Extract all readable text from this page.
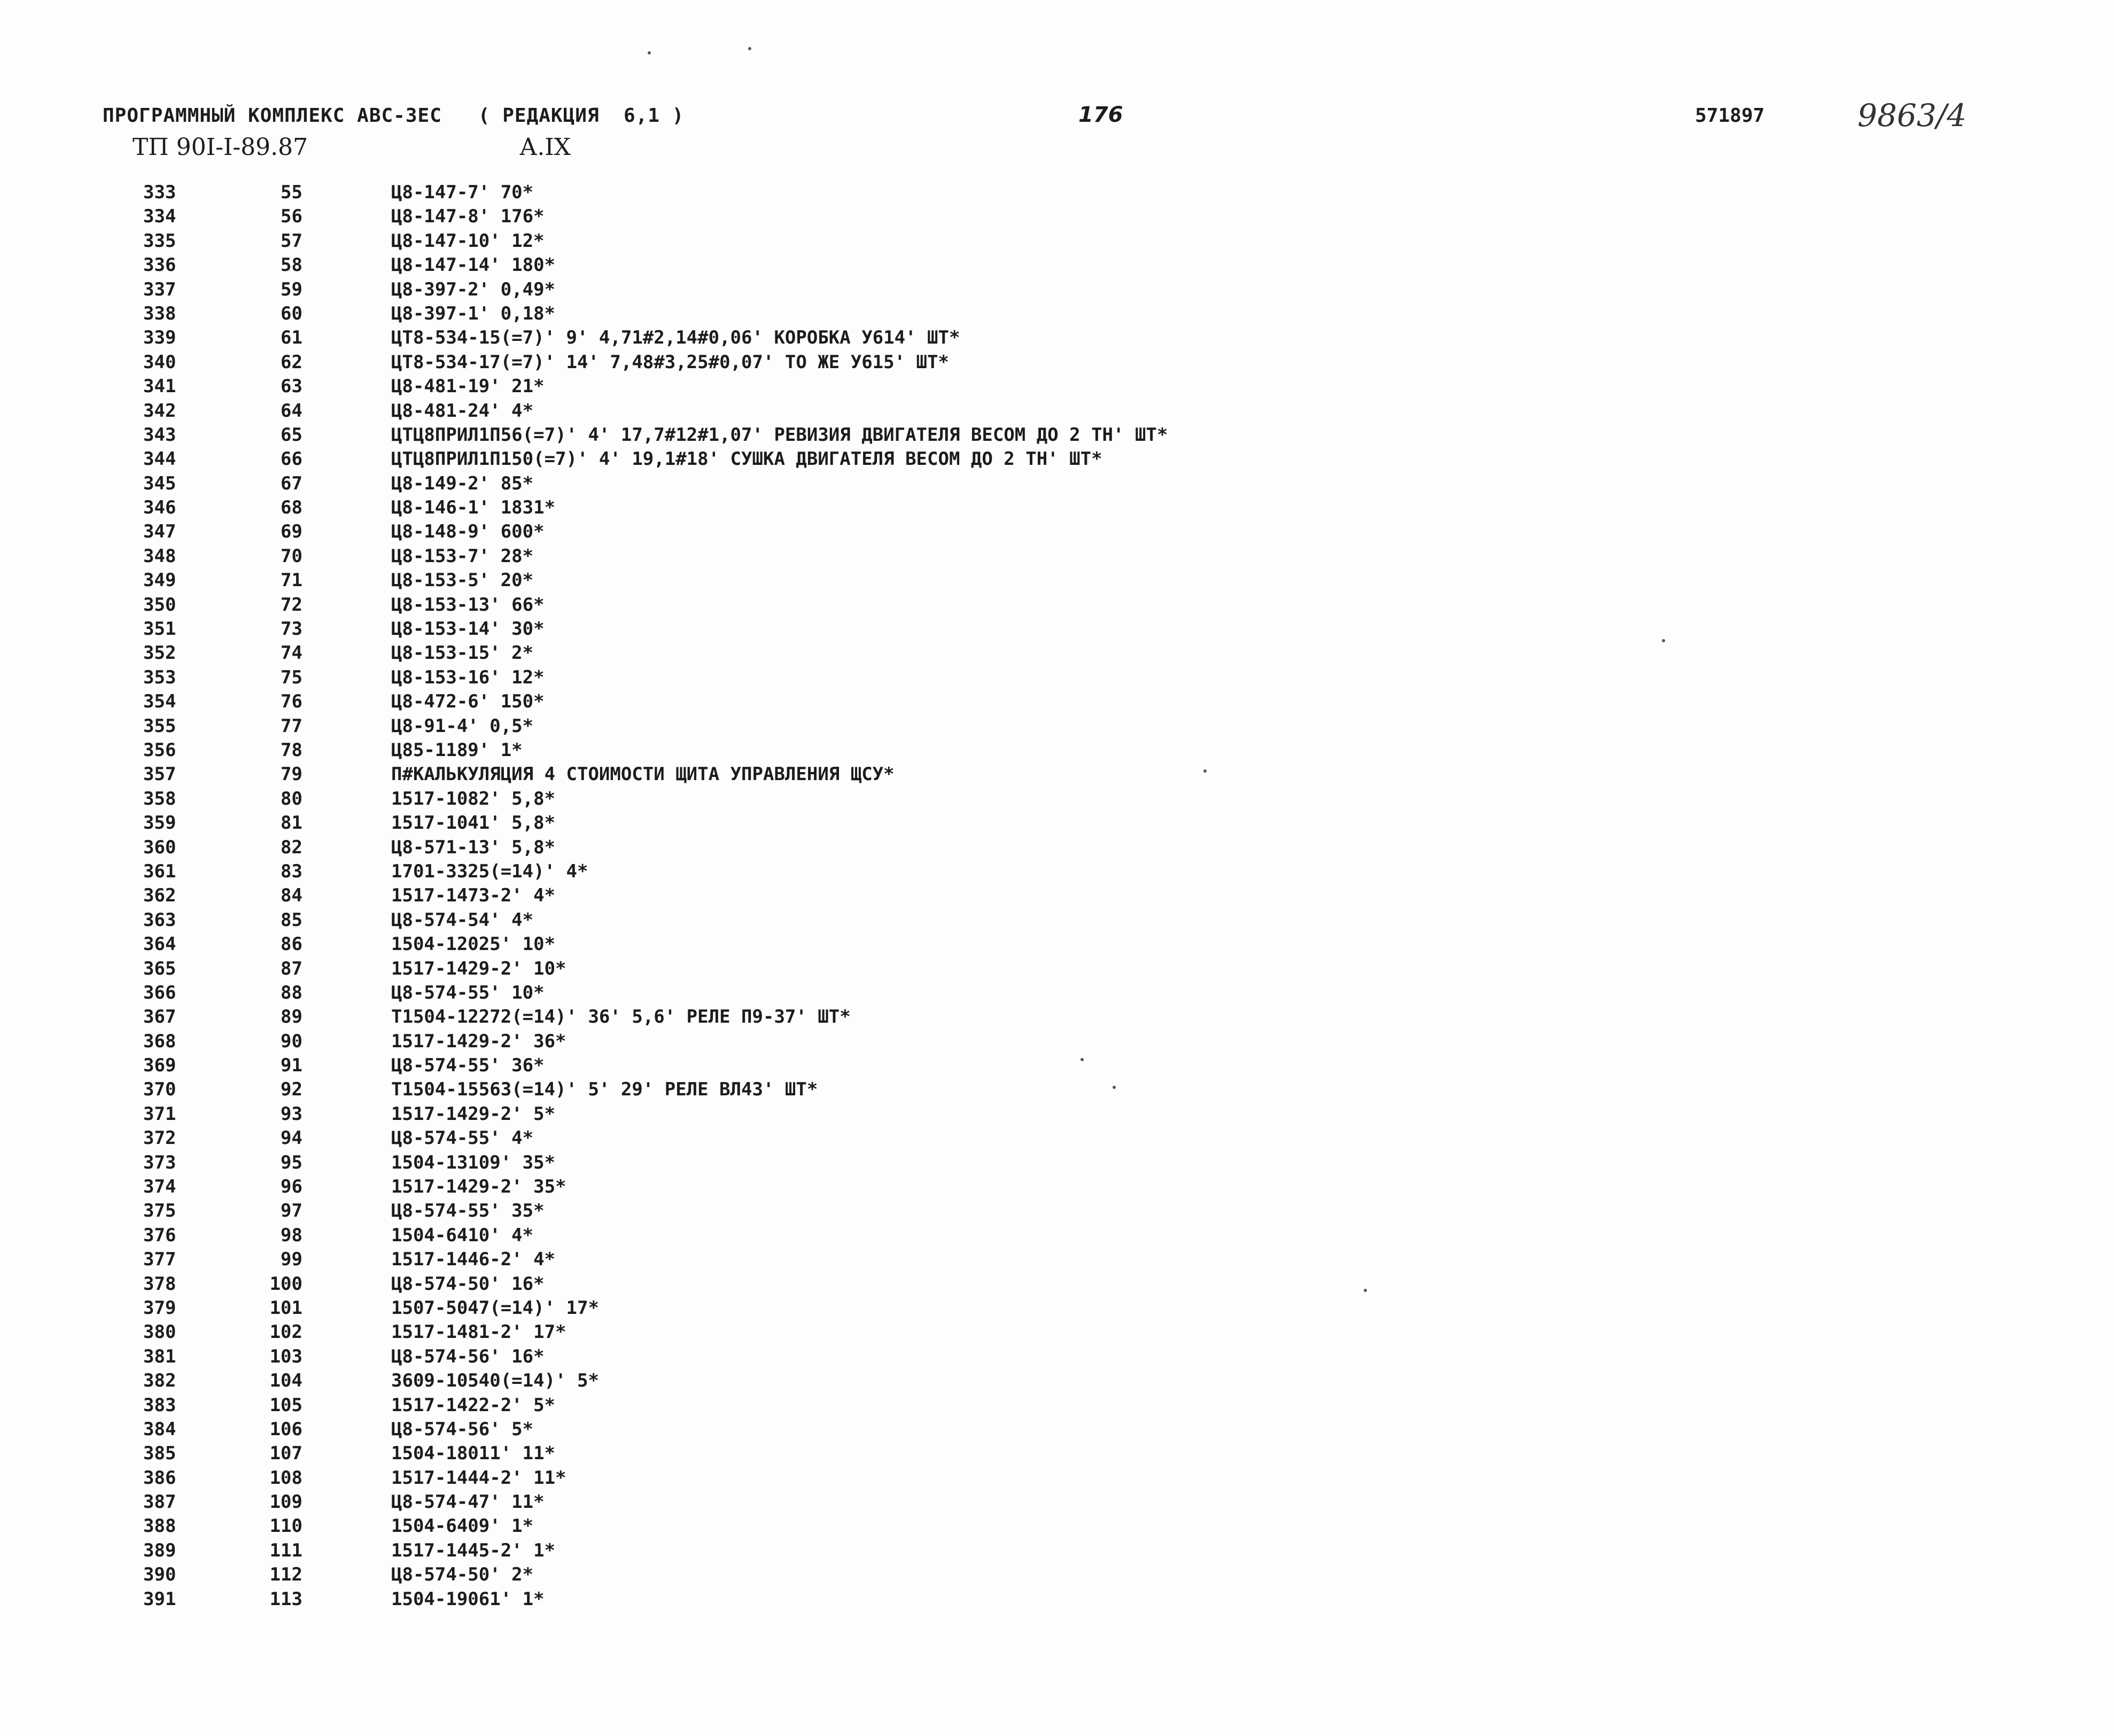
ПРОГРАММНЫЙ КОМПЛЕКС АВС-3ЕС   ( РЕДАКЦИЯ  6,1 )	176	571897	9863/4
ТП 90I-I-89.87	А.IX
333	55	Ц8-147-7' 70*
334	56	Ц8-147-8' 176*
335	57	Ц8-147-10' 12*
336	58	Ц8-147-14' 180*
337	59	Ц8-397-2' 0,49*
338	60	Ц8-397-1' 0,18*
339	61	ЦТ8-534-15(=7)' 9' 4,71#2,14#0,06' КОРОБКА У614' ШТ*
340	62	ЦТ8-534-17(=7)' 14' 7,48#3,25#0,07' ТО ЖЕ У615' ШТ*
341	63	Ц8-481-19' 21*
342	64	Ц8-481-24' 4*
343	65	ЦТЦ8ПРИЛ1П56(=7)' 4' 17,7#12#1,07' РЕВИЗИЯ ДВИГАТЕЛЯ ВЕСОМ ДО 2 ТН' ШТ*
344	66	ЦТЦ8ПРИЛ1П150(=7)' 4' 19,1#18' СУШКА ДВИГАТЕЛЯ ВЕСОМ ДО 2 ТН' ШТ*
345	67	Ц8-149-2' 85*
346	68	Ц8-146-1' 1831*
347	69	Ц8-148-9' 600*
348	70	Ц8-153-7' 28*
349	71	Ц8-153-5' 20*
350	72	Ц8-153-13' 66*
351	73	Ц8-153-14' 30*
352	74	Ц8-153-15' 2*
353	75	Ц8-153-16' 12*
354	76	Ц8-472-6' 150*
355	77	Ц8-91-4' 0,5*
356	78	Ц85-1189' 1*
357	79	П#КАЛЬКУЛЯЦИЯ 4 СТОИМОСТИ ЩИТА УПРАВЛЕНИЯ ЩСУ*
358	80	1517-1082' 5,8*
359	81	1517-1041' 5,8*
360	82	Ц8-571-13' 5,8*
361	83	1701-3325(=14)' 4*
362	84	1517-1473-2' 4*
363	85	Ц8-574-54' 4*
364	86	1504-12025' 10*
365	87	1517-1429-2' 10*
366	88	Ц8-574-55' 10*
367	89	Т1504-12272(=14)' 36' 5,6' РЕЛЕ П9-37' ШТ*
368	90	1517-1429-2' 36*
369	91	Ц8-574-55' 36*
370	92	Т1504-15563(=14)' 5' 29' РЕЛЕ ВЛ43' ШТ*
371	93	1517-1429-2' 5*
372	94	Ц8-574-55' 4*
373	95	1504-13109' 35*
374	96	1517-1429-2' 35*
375	97	Ц8-574-55' 35*
376	98	1504-6410' 4*
377	99	1517-1446-2' 4*
378	100	Ц8-574-50' 16*
379	101	1507-5047(=14)' 17*
380	102	1517-1481-2' 17*
381	103	Ц8-574-56' 16*
382	104	3609-10540(=14)' 5*
383	105	1517-1422-2' 5*
384	106	Ц8-574-56' 5*
385	107	1504-18011' 11*
386	108	1517-1444-2' 11*
387	109	Ц8-574-47' 11*
388	110	1504-6409' 1*
389	111	1517-1445-2' 1*
390	112	Ц8-574-50' 2*
391	113	1504-19061' 1*
